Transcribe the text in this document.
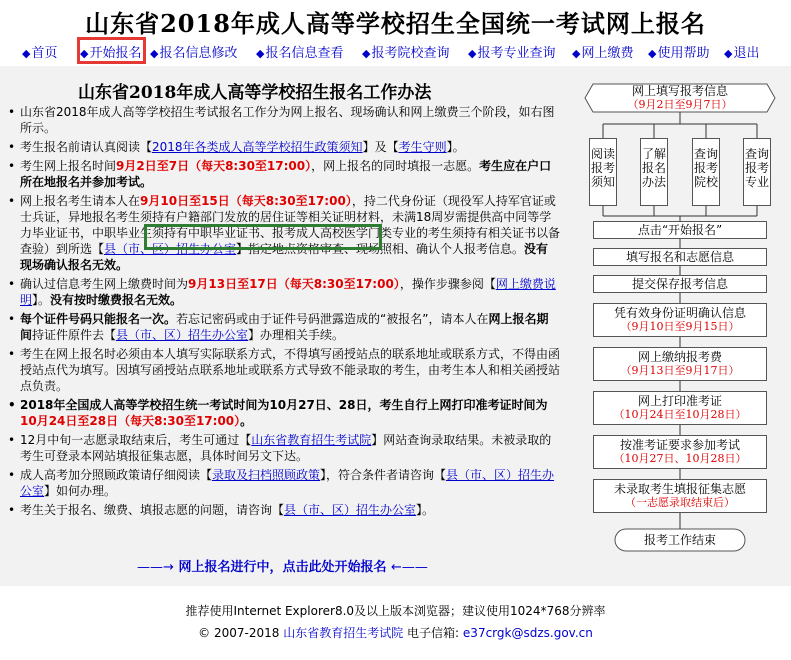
山东省2018年成人高等学校招生全国统一考试网上报名
◆首页 ◆开始报名 ◆报名信息修改 ◆报名信息查看 ◆报考院校查询 ◆报考专业查询 ◆网上缴费 ◆使用帮助 ◆退出
山东省2018年成人高等学校招生报名工作办法
• 山东省2018年成人高等学校招生考试报名工作分为网上报名、现场确认和网上缴费三个阶段，如右图所示。
• 考生报名前请认真阅读【2018年各类成人高等学校招生政策须知】及【考生守则】。
• 考生网上报名时间9月2日至7日（每天8:30至17:00），网上报名的同时填报一志愿。考生应在户口所在地报名并参加考试。
• 网上报名考生请本人在9月10日至15日（每天8:30至17:00），持二代身份证（现役军人持军官证或士兵证，异地报名考生须持有户籍部门发放的居住证等相关证明材料，未满18周岁需提供高中同等学力毕业证书，中职毕业生须持有中职毕业证书、报考成人高校医学门类专业的考生须持有相关证书以备查验）到所选【县（市、区）招生办公室】指定地点资格审查、现场照相、确认个人报考信息。没有现场确认报名无效。
• 确认过信息考生网上缴费时间为9月13日至17日（每天8:30至17:00），操作步骤参阅【网上缴费说明】。没有按时缴费报名无效。
• 每个证件号码只能报名一次。若忘记密码或由于证件号码泄露造成的“被报名”，请本人在网上报名期间持证件原件去【县（市、区）招生办公室】办理相关手续。
• 考生在网上报名时必须由本人填写实际联系方式，不得填写函授站点的联系地址或联系方式，不得由函授站点代为填写。因填写函授站点联系地址或联系方式导致不能录取的考生，由考生本人和相关函授站点负责。
• 2018年全国成人高等学校招生统一考试时间为10月27日、28日，考生自行上网打印准考证时间为10月24日至28日（每天8:30至17:00）。
• 12月中旬一志愿录取结束后，考生可通过【山东省教育招生考试院】网站查询录取结果。未被录取的考生可登录本网站填报征集志愿，具体时间另文下达。
• 成人高考加分照顾政策请仔细阅读【录取及扫档照顾政策】，符合条件者请咨询【县（市、区）招生办公室】如何办理。
• 考生关于报名、缴费、填报志愿的问题，请咨询【县（市、区）招生办公室】。
——→ 网上报名进行中，点击此处开始报名 ←——
网上填写报考信息
（9月2日至9月7日）
阅读报考须知
了解报名办法
查询报考院校
查询报考专业
点击“开始报名”
填写报名和志愿信息
提交保存报考信息
凭有效身份证明确认信息
（9月10日至9月15日）
网上缴纳报考费
（9月13日至9月17日）
网上打印准考证
（10月24日至10月28日）
按准考证要求参加考试
（10月27日、10月28日）
未录取考生填报征集志愿
（一志愿录取结束后）
报考工作结束
推荐使用Internet Explorer8.0及以上版本浏览器；建议使用1024*768分辨率
© 2007-2018 山东省教育招生考试院 电子信箱: e37crgk@sdzs.gov.cn
